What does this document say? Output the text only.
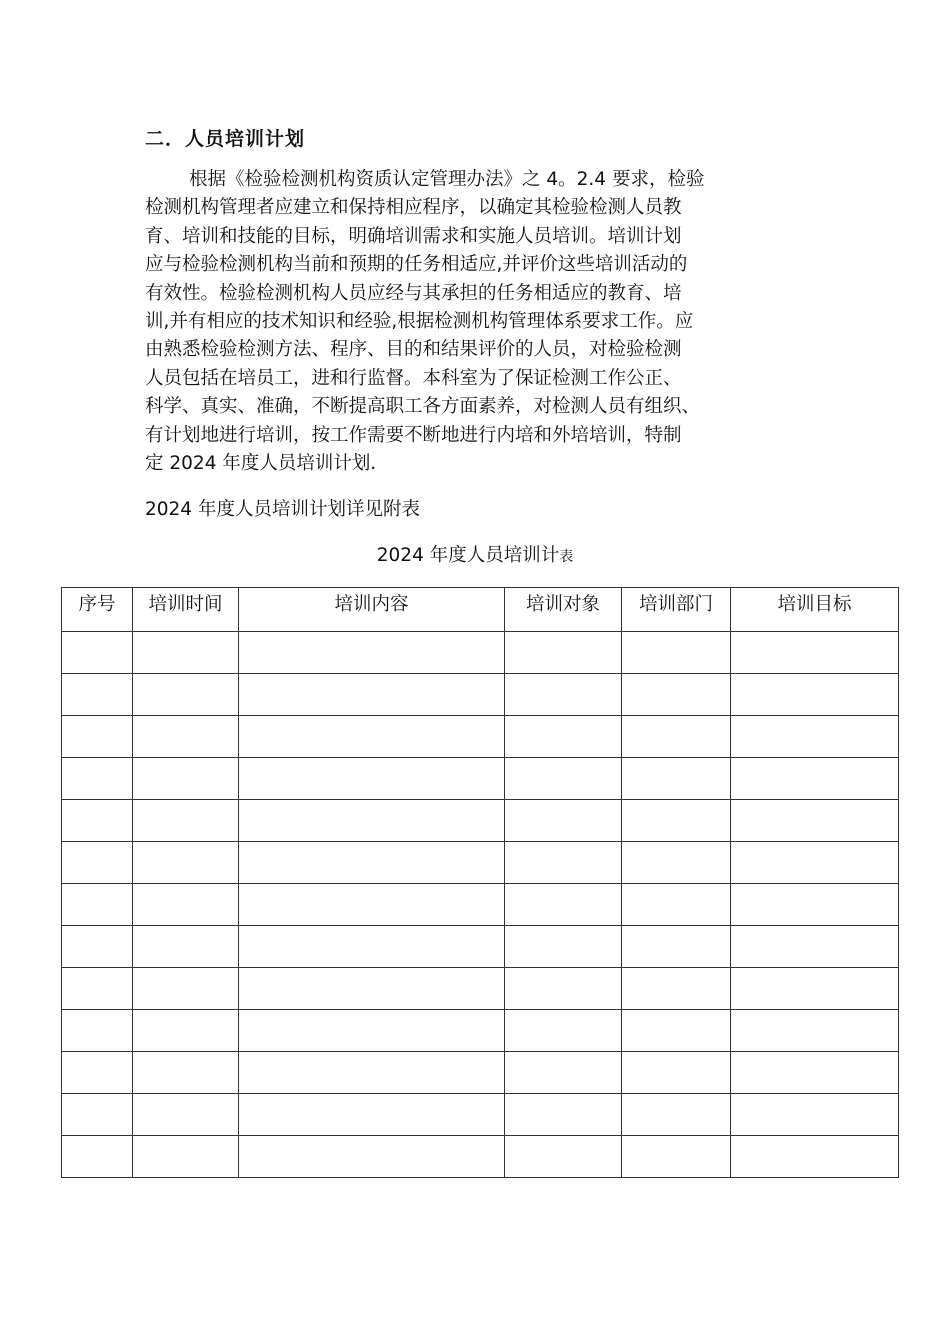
二．人员培训计划
根据《检验检测机构资质认定管理办法》之 4。2.4 要求，检验
检测机构管理者应建立和保持相应程序，以确定其检验检测人员教
育、培训和技能的目标，明确培训需求和实施人员培训。培训计划
应与检验检测机构当前和预期的任务相适应,并评价这些培训活动的
有效性。检验检测机构人员应经与其承担的任务相适应的教育、培
训,并有相应的技术知识和经验,根据检测机构管理体系要求工作。应
由熟悉检验检测方法、程序、目的和结果评价的人员，对检验检测
人员包括在培员工，进和行监督。本科室为了保证检测工作公正、
科学、真实、准确，不断提高职工各方面素养，对检测人员有组织、
有计划地进行培训，按工作需要不断地进行内培和外培培训，特制
定 2024 年度人员培训计划.
2024 年度人员培训计划详见附表
2024 年度人员培训计表
序号	培训时间	培训内容	培训对象	培训部门	培训目标
